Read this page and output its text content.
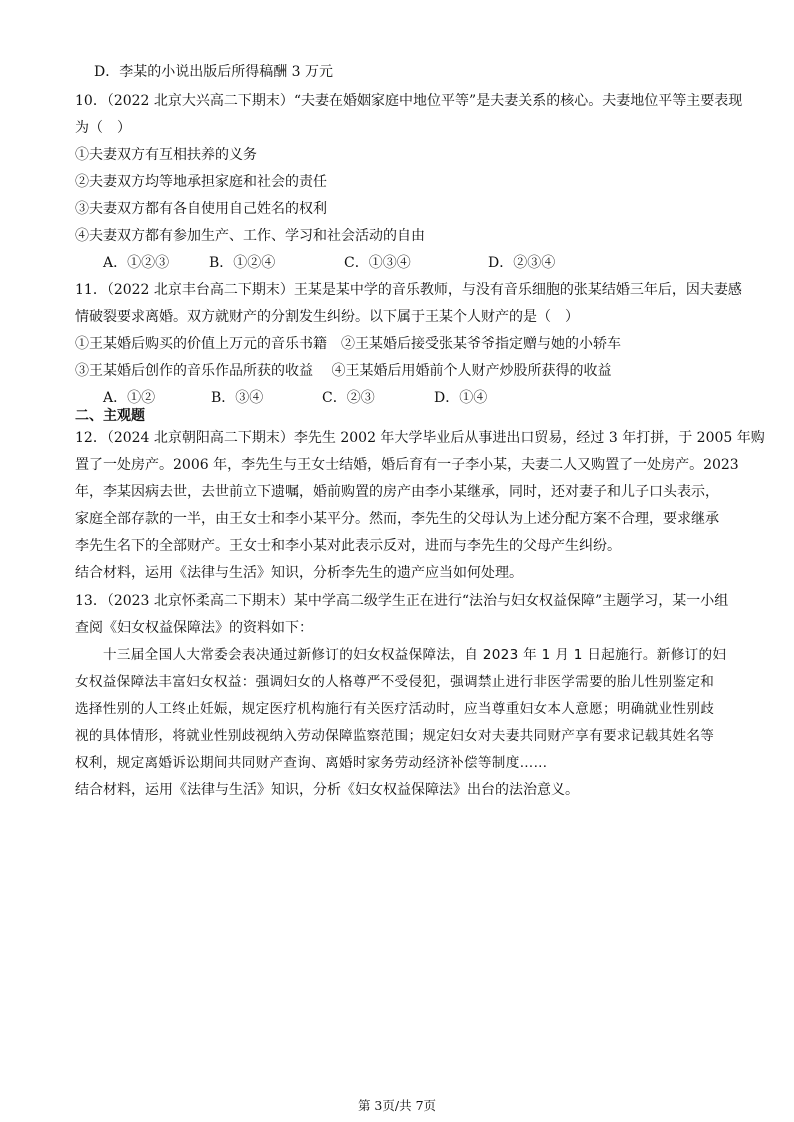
D．李某的小说出版后所得稿酬 3 万元
10．（2022 北京大兴高二下期末）“夫妻在婚姻家庭中地位平等”是夫妻关系的核心。夫妻地位平等主要表现
为（　）
①夫妻双方有互相扶养的义务
②夫妻双方均等地承担家庭和社会的责任
③夫妻双方都有各自使用自己姓名的权利
④夫妻双方都有参加生产、工作、学习和社会活动的自由
A．①②③	B．①②④	C．①③④	D．②③④
11．（2022 北京丰台高二下期末）王某是某中学的音乐教师，与没有音乐细胞的张某结婚三年后，因夫妻感
情破裂要求离婚。双方就财产的分割发生纠纷。以下属于王某个人财产的是（　）
①王某婚后购买的价值上万元的音乐书籍　②王某婚后接受张某爷爷指定赠与她的小轿车
③王某婚后创作的音乐作品所获的收益　 ④王某婚后用婚前个人财产炒股所获得的收益
A．①②	B．③④	C．②③	D．①④
二、主观题
12．（2024 北京朝阳高二下期末）李先生 2002 年大学毕业后从事进出口贸易，经过 3 年打拼，于 2005 年购
置了一处房产。2006 年，李先生与王女士结婚，婚后育有一子李小某，夫妻二人又购置了一处房产。2023
年，李某因病去世，去世前立下遗嘱，婚前购置的房产由李小某继承，同时，还对妻子和儿子口头表示，
家庭全部存款的一半，由王女士和李小某平分。然而，李先生的父母认为上述分配方案不合理，要求继承
李先生名下的全部财产。王女士和李小某对此表示反对，进而与李先生的父母产生纠纷。
结合材料，运用《法律与生活》知识，分析李先生的遗产应当如何处理。
13．（2023 北京怀柔高二下期末）某中学高二级学生正在进行“法治与妇女权益保障”主题学习，某一小组
查阅《妇女权益保障法》的资料如下：
十三届全国人大常委会表决通过新修订的妇女权益保障法，自 2023 年 1 月 1 日起施行。新修订的妇
女权益保障法丰富妇女权益：强调妇女的人格尊严不受侵犯，强调禁止进行非医学需要的胎儿性别鉴定和
选择性别的人工终止妊娠，规定医疗机构施行有关医疗活动时，应当尊重妇女本人意愿；明确就业性别歧
视的具体情形，将就业性别歧视纳入劳动保障监察范围；规定妇女对夫妻共同财产享有要求记载其姓名等
权利，规定离婚诉讼期间共同财产查询、离婚时家务劳动经济补偿等制度……
结合材料，运用《法律与生活》知识，分析《妇女权益保障法》出台的法治意义。
第 3页/共 7页
